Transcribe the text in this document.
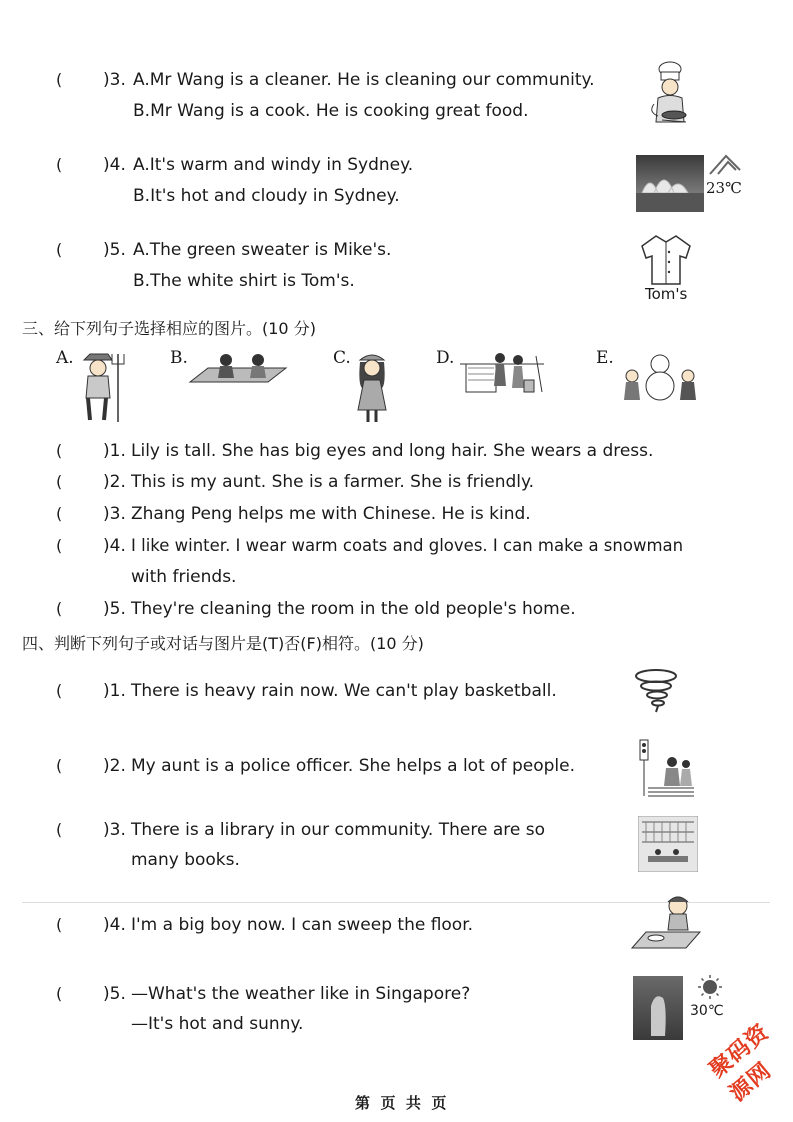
( )3. A.Mr Wang is a cleaner. He is cleaning our community.
B.Mr Wang is a cook. He is cooking great food.
( )4. A.It's warm and windy in Sydney.
B.It's hot and cloudy in Sydney.	23℃
( )5. A.The green sweater is Mike's.
B.The white shirt is Tom's.
Tom's
三、给下列句子选择相应的图片。(10 分)
A.	B.	C.	D.	E.
( )1. Lily is tall. She has big eyes and long hair. She wears a dress.
( )2. This is my aunt. She is a farmer. She is friendly.
( )3. Zhang Peng helps me with Chinese. He is kind.
( )4. I like winter. I wear warm coats and gloves. I can make a snowman
with friends.
( )5. They're cleaning the room in the old people's home.
四、判断下列句子或对话与图片是(T)否(F)相符。(10 分)
( )1. There is heavy rain now. We can't play basketball.
( )2. My aunt is a police officer. She helps a lot of people.
( )3. There is a library in our community. There are so
many books.
( )4. I'm a big boy now. I can sweep the floor.
( )5. —What's the weather like in Singapore?
—It's hot and sunny.
30℃
聚码资源网
第  页  共  页
